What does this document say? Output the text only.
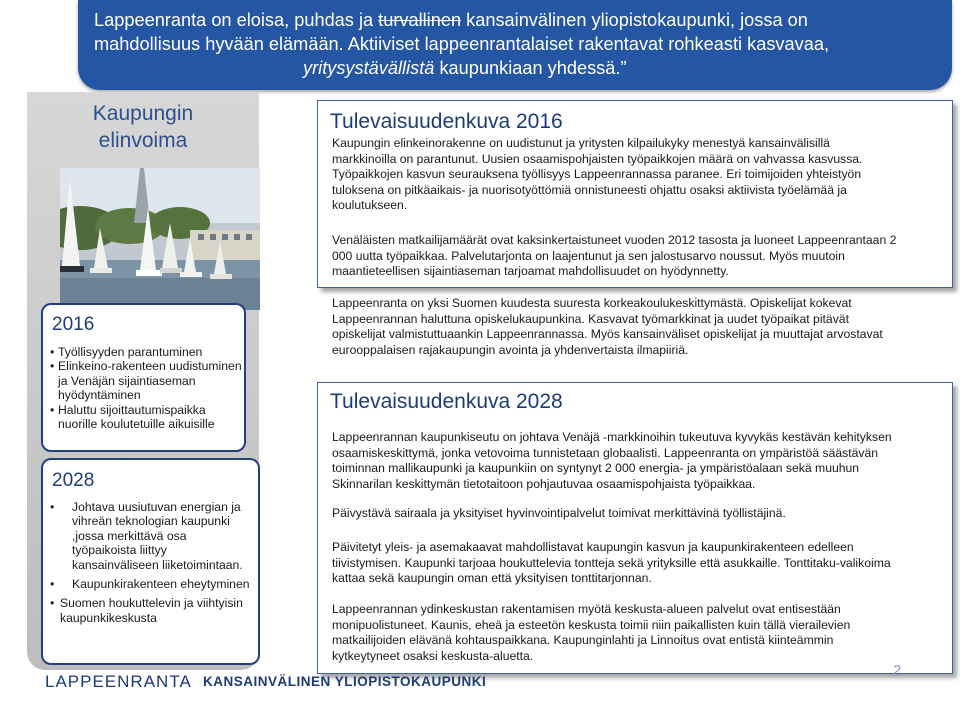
Lappeenranta on eloisa, puhdas ja turvallinen kansainvälinen yliopistokaupunki, jossa on
mahdollisuus hyvään elämään. Aktiiviset lappeenrantalaiset rakentavat rohkeasti kasvavaa,
yritysystävällistä kaupunkiaan yhdessä.”
Kaupungin
elinvoima
2016
• Työllisyyden parantuminen
• Elinkeino-rakenteen uudistuminen ja Venäjän sijaintiaseman hyödyntäminen
• Haluttu sijoittautumispaikka nuorille koulutetuille aikuisille
2028
• Johtava uusiutuvan energian ja vihreän teknologian kaupunki ,jossa merkittävä osa työpaikoista liittyy kansainväliseen liiketoimintaan.
• Kaupunkirakenteen eheytyminen
• Suomen houkuttelevin ja viihtyisin kaupunkikeskusta
Tulevaisuudenkuva 2016
Kaupungin elinkeinorakenne on uudistunut ja yritysten kilpailukyky menestyä kansainvälisillä markkinoilla on parantunut. Uusien osaamispohjaisten työpaikkojen määrä on vahvassa kasvussa. Työpaikkojen kasvun seurauksena työllisyys Lappeenrannassa paranee. Eri toimijoiden yhteistyön tuloksena on pitkäaikais- ja nuorisotyöttömiä onnistuneesti ohjattu osaksi aktiivista työelämää ja koulutukseen.
Venäläisten matkailijamäärät ovat kaksinkertaistuneet vuoden 2012 tasosta ja luoneet Lappeenrantaan 2 000 uutta työpaikkaa. Palvelutarjonta on laajentunut ja sen jalostusarvo noussut. Myös muutoin maantieteellisen sijaintiaseman tarjoamat mahdollisuudet on hyödynnetty.
Lappeenranta on yksi Suomen kuudesta suuresta korkeakoulukeskittymästä. Opiskelijat kokevat Lappeenrannan haluttuna opiskelukaupunkina. Kasvavat työmarkkinat ja uudet työpaikat pitävät opiskelijat valmistuttuaankin Lappeenrannassa. Myös kansainväliset opiskelijat ja muuttajat arvostavat eurooppalaisen rajakaupungin avointa ja yhdenvertaista ilmapiiriä.
Tulevaisuudenkuva 2028
Lappeenrannan kaupunkiseutu on johtava Venäjä -markkinoihin tukeutuva kyvykäs kestävän kehityksen osaamiskeskittymä, jonka vetovoima tunnistetaan globaalisti. Lappeenranta on ympäristöä säästävän toiminnan mallikaupunki ja kaupunkiin on syntynyt 2 000 energia- ja ympäristöalaan sekä muuhun Skinnarilan keskittymän tietotaitoon pohjautuvaa osaamispohjaista työpaikkaa.
Päivystävä sairaala ja yksityiset hyvinvointipalvelut toimivat merkittävinä työllistäjinä.
Päivitetyt yleis- ja asemakaavat mahdollistavat kaupungin kasvun ja kaupunkirakenteen edelleen tiivistymisen. Kaupunki tarjoaa houkuttelevia tontteja sekä yrityksille että asukkaille. Tonttitaku-valikoima kattaa sekä kaupungin oman että yksityisen tonttitarjonnan.
Lappeenrannan ydinkeskustan rakentamisen myötä keskusta-alueen palvelut ovat entisestään monipuolistuneet. Kaunis, eheä ja esteetön keskusta toimii niin paikallisten kuin tällä vierailevien matkailijoiden elävänä kohtauspaikkana. Kaupunginlahti ja Linnoitus ovat entistä kiinteämmin kytkeytyneet osaksi keskusta-aluetta.
LAPPEENRANTA KANSAINVÄLINEN YLIOPISTOKAUPUNKI
2
